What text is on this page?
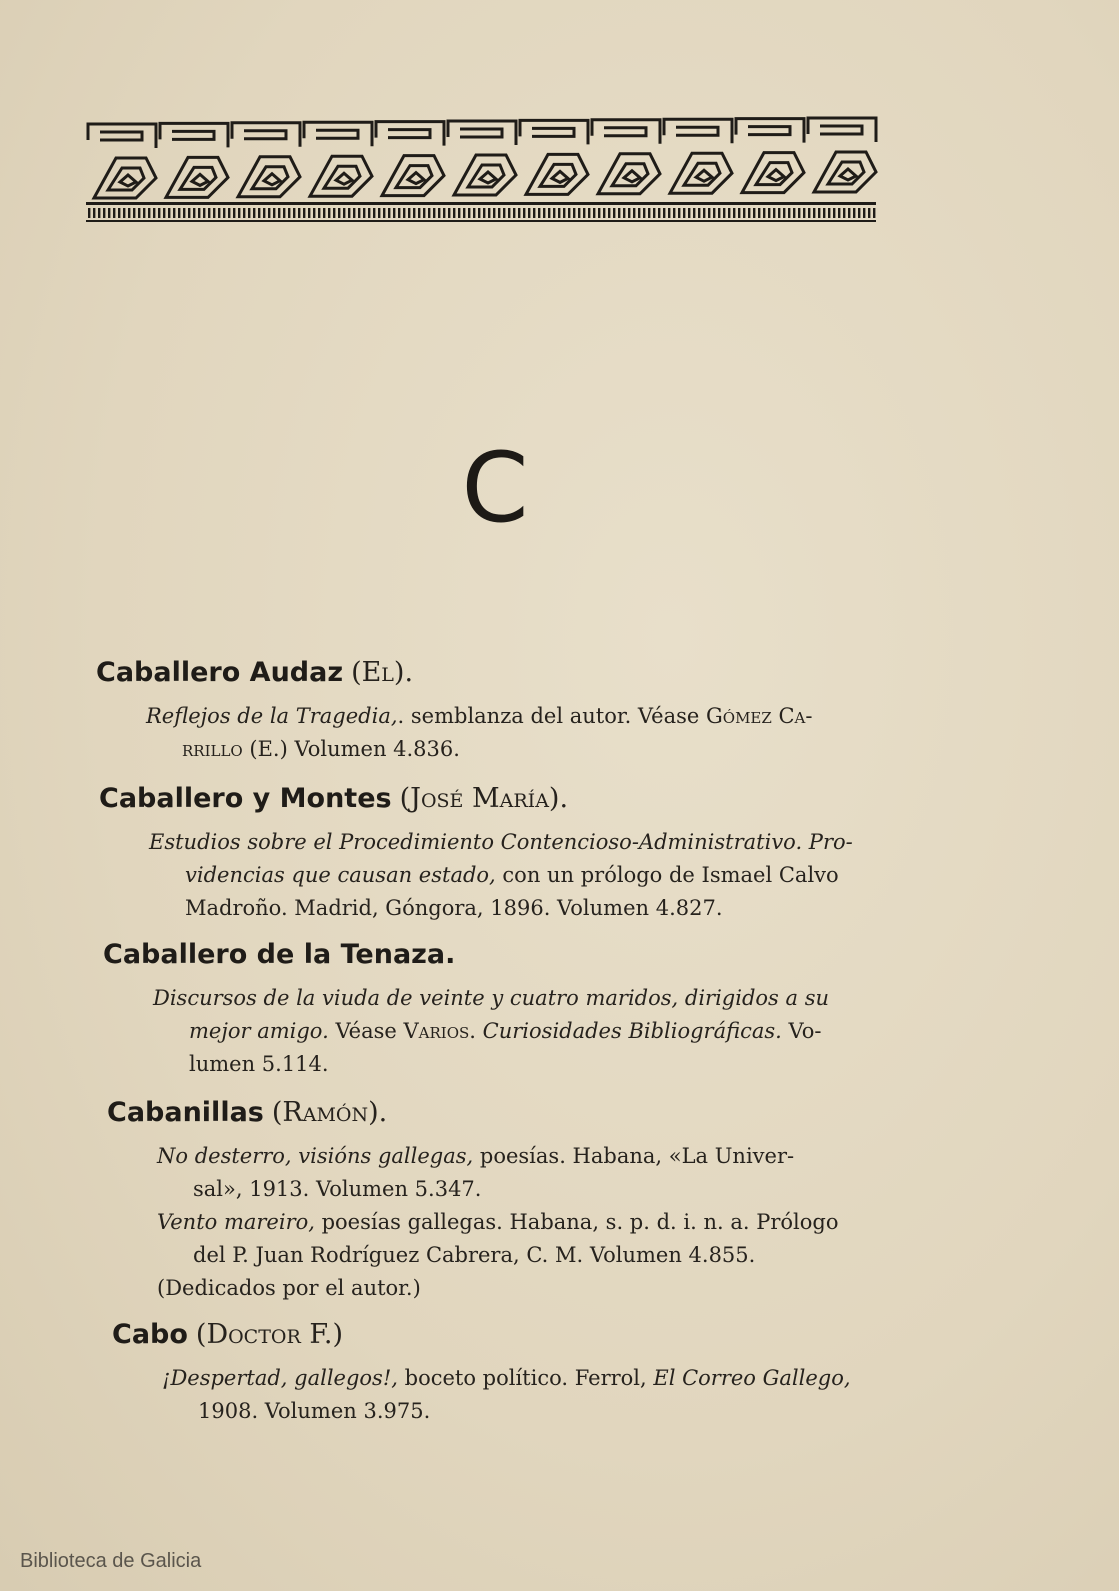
C
Caballero Audaz (El).
Reflejos de la Tragedia,. semblanza del autor. Véase Gómez Ca-
rrillo (E.) Volumen 4.836.
Caballero y Montes (José María).
Estudios sobre el Procedimiento Contencioso-Administrativo. Pro-
videncias que causan estado, con un prólogo de Ismael Calvo
Madroño. Madrid, Góngora, 1896. Volumen 4.827.
Caballero de la Tenaza.
Discursos de la viuda de veinte y cuatro maridos, dirigidos a su
mejor amigo. Véase Varios. Curiosidades Bibliográficas. Vo-
lumen 5.114.
Cabanillas (Ramón).
No desterro, visións gallegas, poesías. Habana, «La Univer-
sal», 1913. Volumen 5.347.
Vento mareiro, poesías gallegas. Habana, s. p. d. i. n. a. Prólogo
del P. Juan Rodríguez Cabrera, C. M. Volumen 4.855.
(Dedicados por el autor.)
Cabo (Doctor F.)
¡Despertad, gallegos!, boceto político. Ferrol, El Correo Gallego,
1908. Volumen 3.975.
Biblioteca de Galicia
